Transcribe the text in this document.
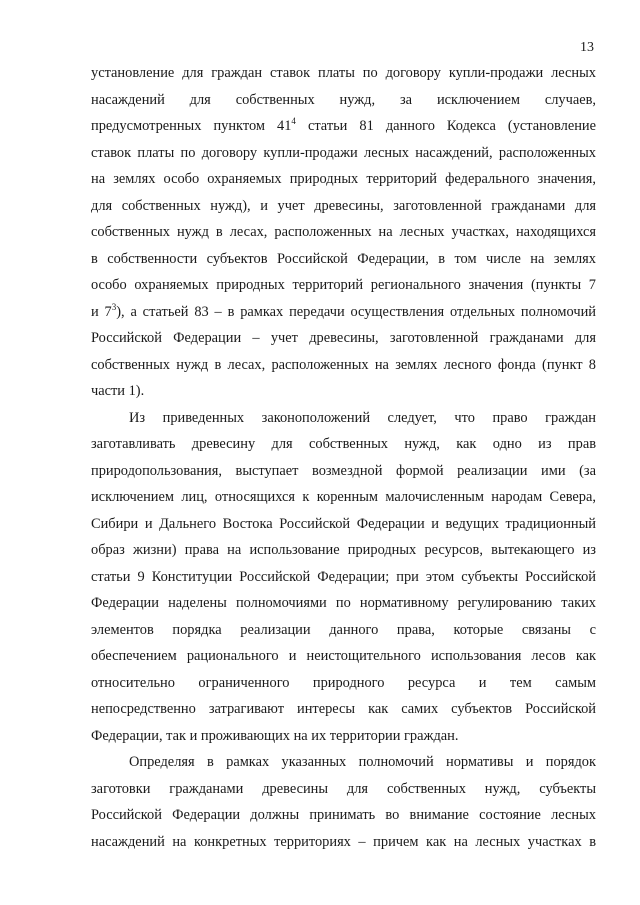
13
установление для граждан ставок платы по договору купли-продажи лесных
насаждений для собственных нужд, за исключением случаев,
предусмотренных пунктом $41^4$ статьи 81 данного Кодекса (установление
ставок платы по договору купли-продажи лесных насаждений, расположенных
на землях особо охраняемых природных территорий федерального значения,
для собственных нужд), и учет древесины, заготовленной гражданами для
собственных нужд в лесах, расположенных на лесных участках, находящихся
в собственности субъектов Российской Федерации, в том числе на землях
особо охраняемых природных территорий регионального значения (пункты 7
и $7^3$), а статьей 83 – в рамках передачи осуществления отдельных полномочий
Российской Федерации – учет древесины, заготовленной гражданами для
собственных нужд в лесах, расположенных на землях лесного фонда (пункт 8
части 1).
Из приведенных законоположений следует, что право граждан
заготавливать древесину для собственных нужд, как одно из прав
природопользования, выступает возмездной формой реализации ими (за
исключением лиц, относящихся к коренным малочисленным народам Севера,
Сибири и Дальнего Востока Российской Федерации и ведущих традиционный
образ жизни) права на использование природных ресурсов, вытекающего из
статьи 9 Конституции Российской Федерации; при этом субъекты Российской
Федерации наделены полномочиями по нормативному регулированию таких
элементов порядка реализации данного права, которые связаны с
обеспечением рационального и неистощительного использования лесов как
относительно ограниченного природного ресурса и тем самым
непосредственно затрагивают интересы как самих субъектов Российской
Федерации, так и проживающих на их территории граждан.
Определяя в рамках указанных полномочий нормативы и порядок
заготовки гражданами древесины для собственных нужд, субъекты
Российской Федерации должны принимать во внимание состояние лесных
насаждений на конкретных территориях – причем как на лесных участках в
